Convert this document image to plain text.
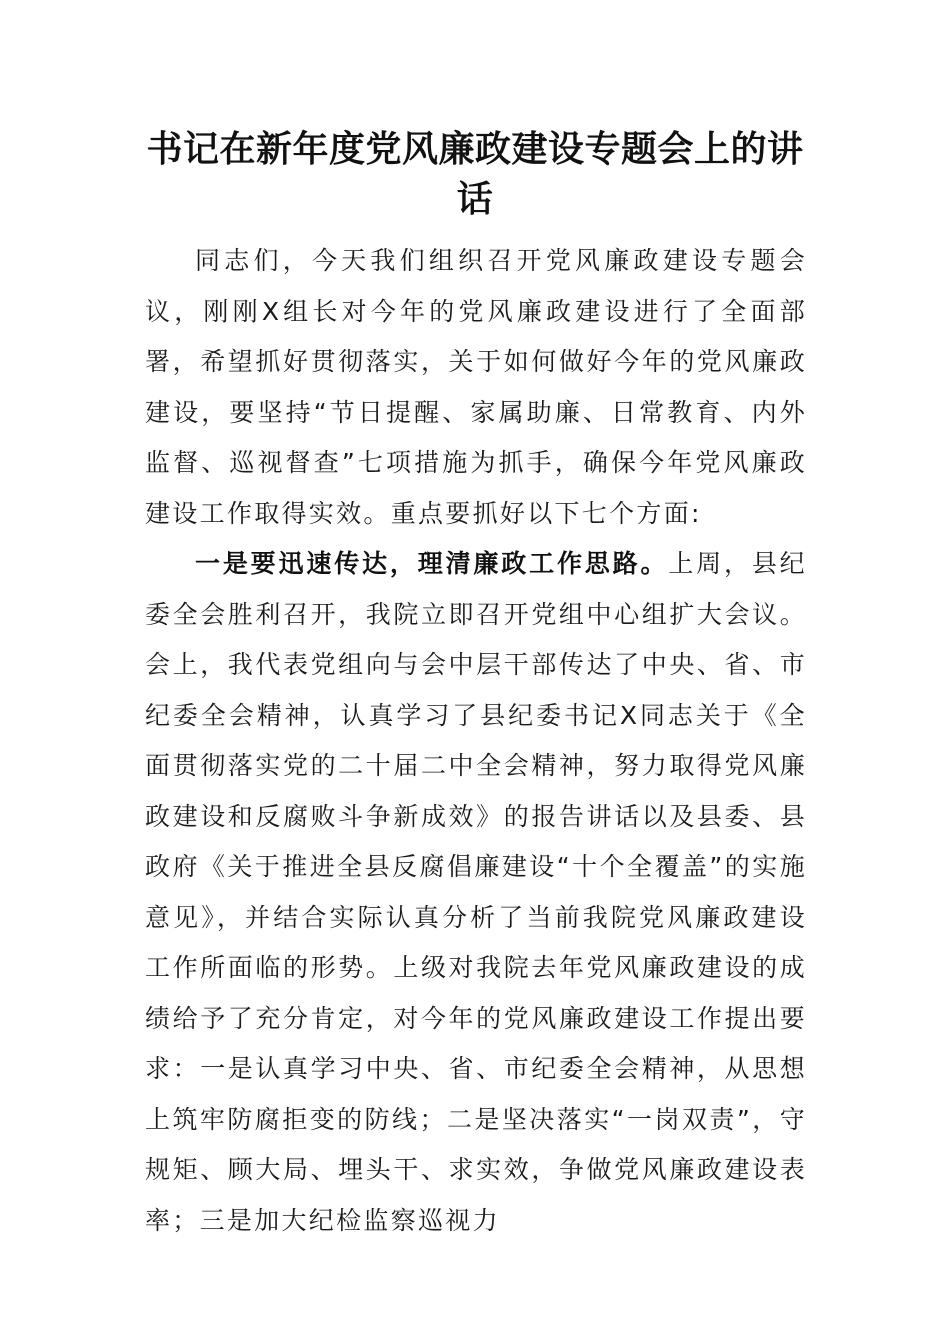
书记在新年度党风廉政建设专题会上的讲话

同志们，今天我们组织召开党风廉政建设专题会议，刚刚X组长对今年的党风廉政建设进行了全面部署，希望抓好贯彻落实，关于如何做好今年的党风廉政建设，要坚持“节日提醒、家属助廉、日常教育、内外监督、巡视督查”七项措施为抓手，确保今年党风廉政建设工作取得实效。重点要抓好以下七个方面:

一是要迅速传达，理清廉政工作思路。上周，县纪委全会胜利召开，我院立即召开党组中心组扩大会议。会上，我代表党组向与会中层干部传达了中央、省、市纪委全会精神，认真学习了县纪委书记X同志关于《全面贯彻落实党的二十届二中全会精神，努力取得党风廉政建设和反腐败斗争新成效》的报告讲话以及县委、县政府《关于推进全县反腐倡廉建设“十个全覆盖”的实施意见》，并结合实际认真分析了当前我院党风廉政建设工作所面临的形势。上级对我院去年党风廉政建设的成绩给予了充分肯定，对今年的党风廉政建设工作提出要求：一是认真学习中央、省、市纪委全会精神，从思想上筑牢防腐拒变的防线；二是坚决落实“一岗双责”，守规矩、顾大局、埋头干、求实效，争做党风廉政建设表率；三是加大纪检监察巡视力
